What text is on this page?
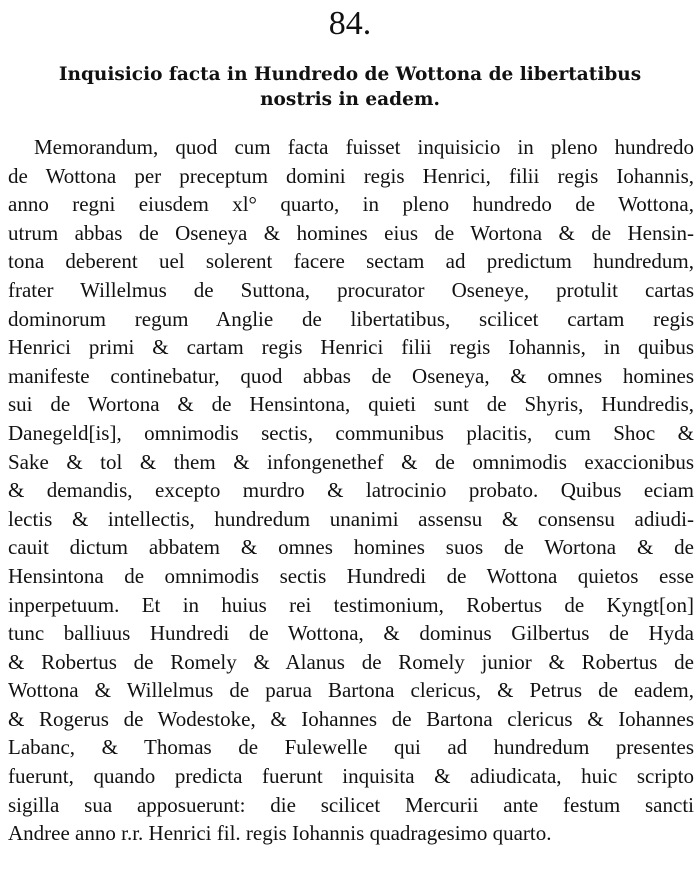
84.
Inquisicio facta in Hundredo de Wottona de libertatibus
nostris in eadem.
Memorandum, quod cum facta fuisset inquisicio in pleno hundredo
de Wottona per preceptum domini regis Henrici, filii regis Iohannis,
anno regni eiusdem xl° quarto, in pleno hundredo de Wottona,
utrum abbas de Oseneya & homines eius de Wortona & de Hensin-
tona deberent uel solerent facere sectam ad predictum hundredum,
frater Willelmus de Suttona, procurator Oseneye, protulit cartas
dominorum regum Anglie de libertatibus, scilicet cartam regis
Henrici primi & cartam regis Henrici filii regis Iohannis, in quibus
manifeste continebatur, quod abbas de Oseneya, & omnes homines
sui de Wortona & de Hensintona, quieti sunt de Shyris, Hundredis,
Danegeld[is], omnimodis sectis, communibus placitis, cum Shoc &
Sake & tol & them & infongenethef & de omnimodis exaccionibus
& demandis, excepto murdro & latrocinio probato. Quibus eciam
lectis & intellectis, hundredum unanimi assensu & consensu adiudi-
cauit dictum abbatem & omnes homines suos de Wortona & de
Hensintona de omnimodis sectis Hundredi de Wottona quietos esse
inperpetuum. Et in huius rei testimonium, Robertus de Kyngt[on]
tunc balliuus Hundredi de Wottona, & dominus Gilbertus de Hyda
& Robertus de Romely & Alanus de Romely junior & Robertus de
Wottona & Willelmus de parua Bartona clericus, & Petrus de eadem,
& Rogerus de Wodestoke, & Iohannes de Bartona clericus & Iohannes
Labanc, & Thomas de Fulewelle qui ad hundredum presentes
fuerunt, quando predicta fuerunt inquisita & adiudicata, huic scripto
sigilla sua apposuerunt: die scilicet Mercurii ante festum sancti
Andree anno r.r. Henrici fil. regis Iohannis quadragesimo quarto.
